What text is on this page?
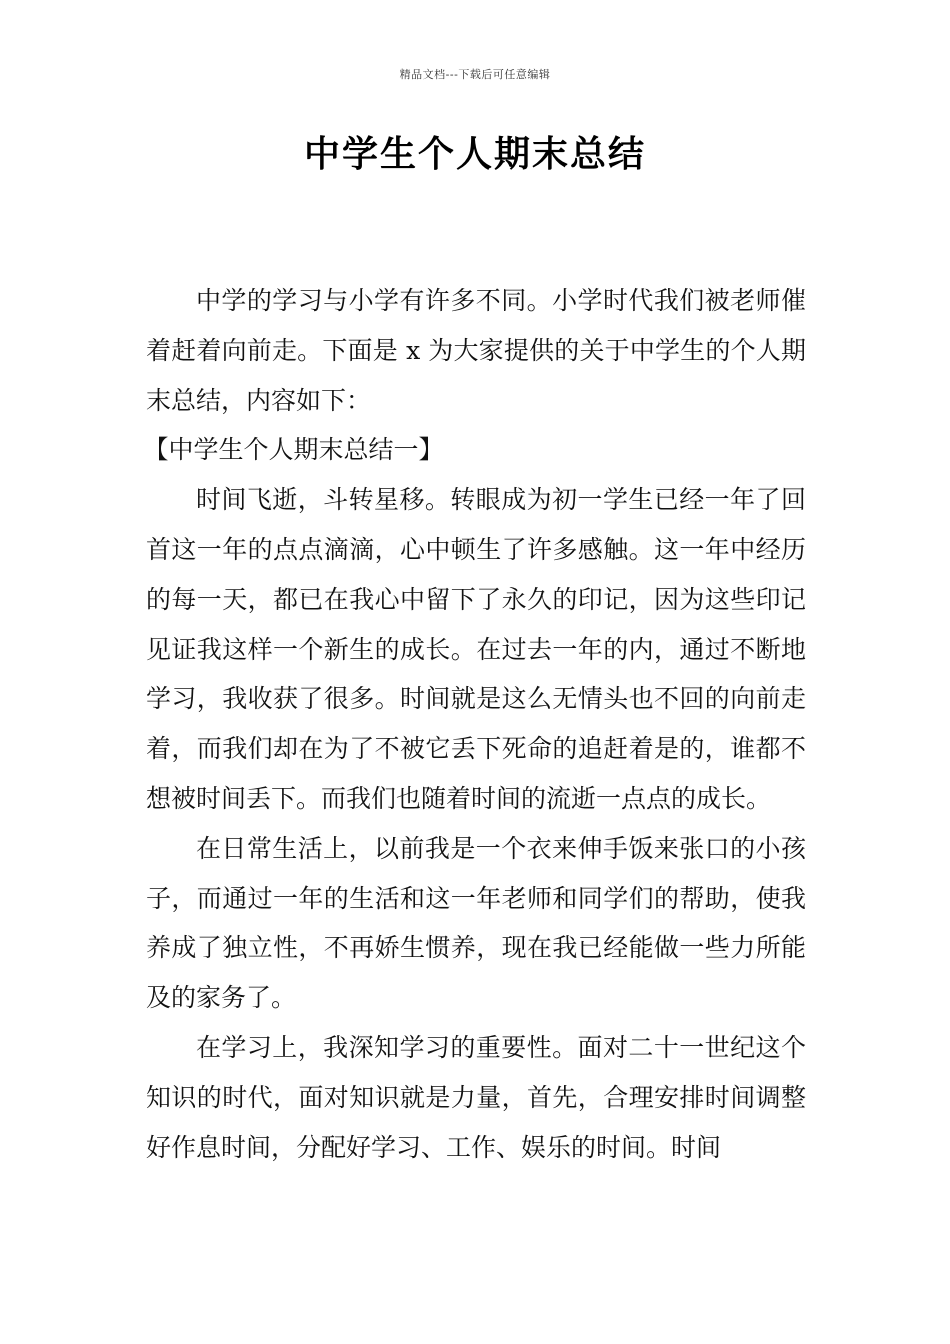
精品文档---下载后可任意编辑
中学生个人期末总结

中学的学习与小学有许多不同。小学时代我们被老师催着赶着向前走。下面是 x 为大家提供的关于中学生的个人期末总结，内容如下：

【中学生个人期末总结一】

时间飞逝，斗转星移。转眼成为初一学生已经一年了回首这一年的点点滴滴，心中顿生了许多感触。这一年中经历的每一天，都已在我心中留下了永久的印记，因为这些印记见证我这样一个新生的成长。在过去一年的内，通过不断地学习，我收获了很多。时间就是这么无情头也不回的向前走着，而我们却在为了不被它丢下死命的追赶着是的，谁都不想被时间丢下。而我们也随着时间的流逝一点点的成长。

在日常生活上，以前我是一个衣来伸手饭来张口的小孩子，而通过一年的生活和这一年老师和同学们的帮助，使我养成了独立性，不再娇生惯养，现在我已经能做一些力所能及的家务了。

在学习上，我深知学习的重要性。面对二十一世纪这个知识的时代，面对知识就是力量，首先，合理安排时间调整好作息时间，分配好学习、工作、娱乐的时间。时间
